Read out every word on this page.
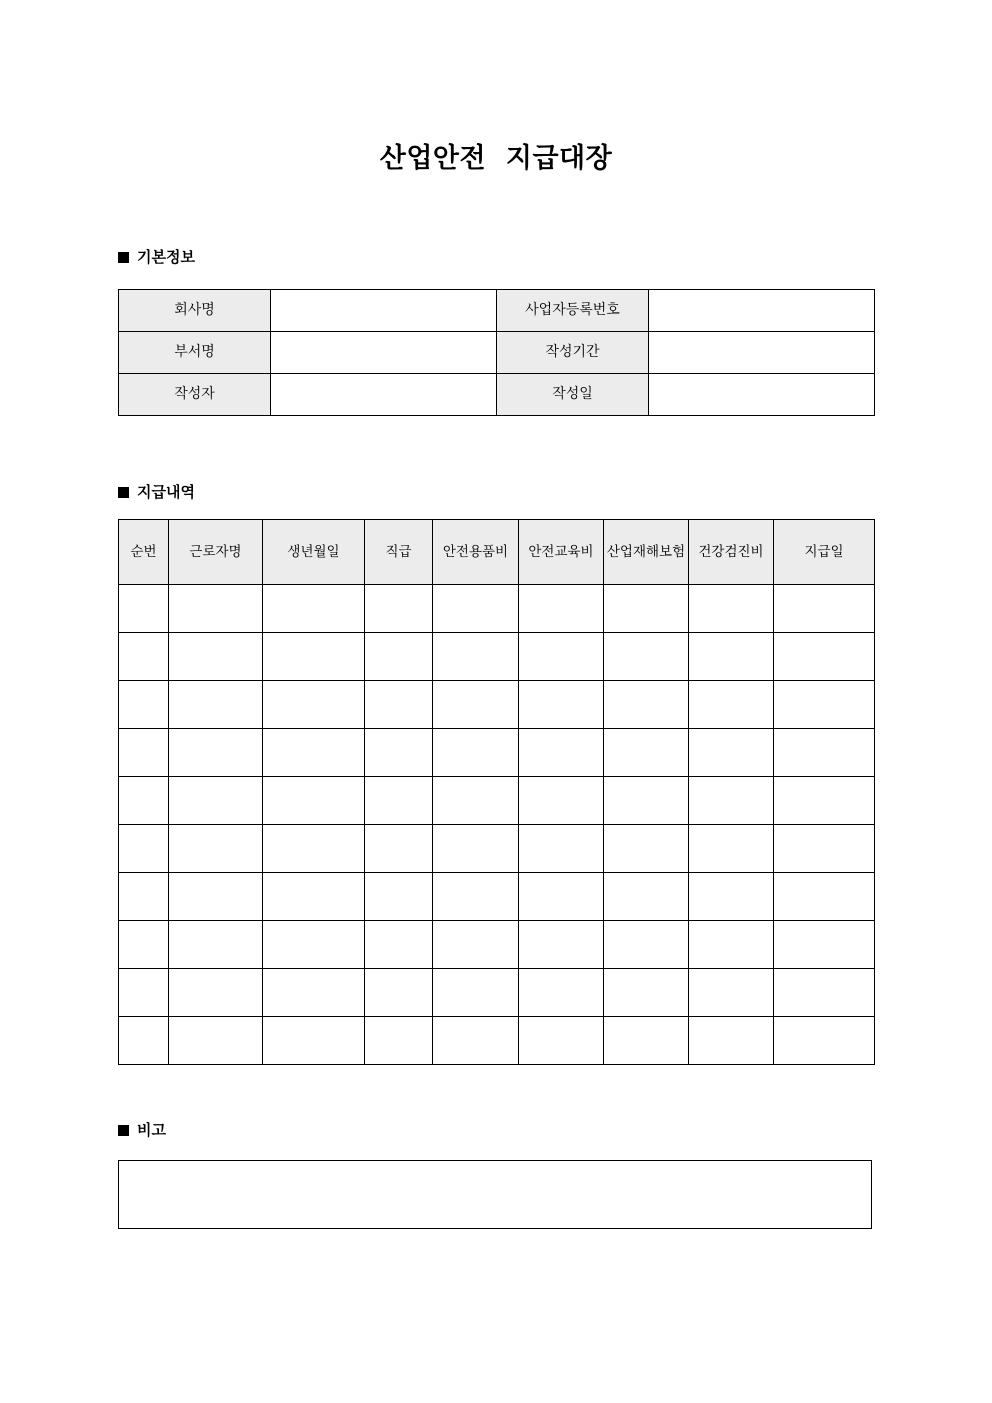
산업안전  지급대장
기본정보
회사명		사업자등록번호	
부서명		작성기간	
작성자		작성일	
지급내역
순번	근로자명	생년월일	직급	안전용품비	안전교육비	산업재해보험	건강검진비	지급일

비고
